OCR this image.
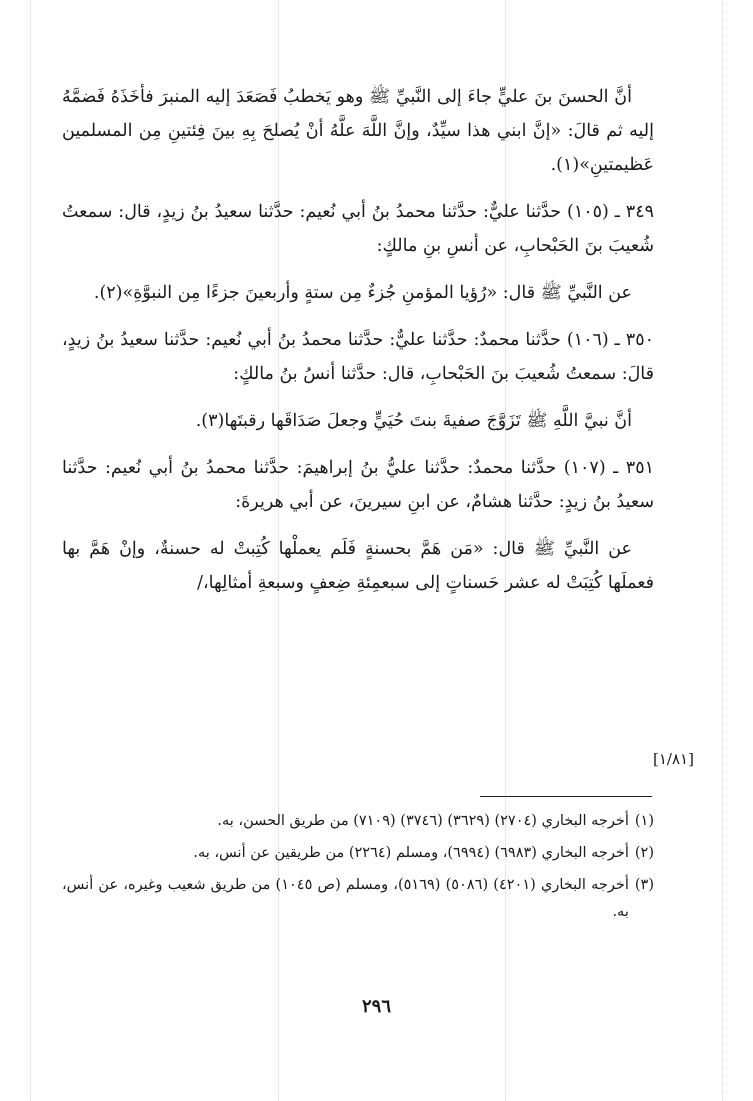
أنَّ الحسنَ بنَ عليٍّ جاءَ إلى النَّبيِّ ﷺ وهو يَخطبُ فَصَعَدَ إليه المنبرَ فأخَذَهُ فَضمَّهُ إليه ثم قالَ: «إنَّ ابني هذا سيِّدٌ، وإنَّ اللَّهَ علَّهُ أنْ يُصلحَ بِهِ بينَ فِئتينِ مِن المسلمين عَظيمتينِ»(١).

٣٤٩ ـ (١٠٥) حدَّثنا عليٌّ: حدَّثنا محمدُ بنُ أبي نُعيم: حدَّثنا سعيدُ بنُ زيدٍ، قال: سمعتُ شُعيبَ بنَ الحَبْحابِ، عن أنسِ بنِ مالكٍ:

عن النَّبيِّ ﷺ قال: «رُؤيا المؤمنِ جُزءٌ مِن ستةٍ وأربعينَ جزءًا مِن النبوَّةِ»(٢).

٣٥٠ ـ (١٠٦) حدَّثنا محمدٌ: حدَّثنا عليٌّ: حدَّثنا محمدُ بنُ أبي نُعيم: حدَّثنا سعيدُ بنُ زيدٍ، قالَ: سمعتُ شُعيبَ بنَ الحَبْحابِ، قال: حدَّثنا أنسُ بنُ مالكٍ:

أنَّ نبيَّ اللَّهِ ﷺ تَزَوَّجَ صفيةَ بنتَ حُيَيٍّ وجعلَ صَدَاقَها رقبتَها(٣).

٣٥١ ـ (١٠٧) حدَّثنا محمدٌ: حدَّثنا عليُّ بنُ إبراهيمَ: حدَّثنا محمدُ بنُ أبي نُعيم: حدَّثنا سعيدُ بنُ زيدٍ: حدَّثنا هشامٌ، عن ابنِ سيرينَ، عن أبي هريرةَ:

عن النَّبيِّ ﷺ قال: «مَن هَمَّ بحسنةٍ فَلَم يعملْها كُتِبتْ له حسنةٌ، وإنْ هَمَّ بها فعملَها كُتِبَتْ له عشر حَسناتٍ إلى سبعمِئةِ ضِعفٍ وسبعةِ أمثالِها،/

[١/٨١]
(١)
أخرجه البخاري (٢٧٠٤) (٣٦٢٩) (٣٧٤٦) (٧١٠٩) من طريق الحسن، به.
(٢)
أخرجه البخاري (٦٩٨٣) (٦٩٩٤)، ومسلم (٢٢٦٤) من طريقين عن أنس، به.
(٣)
أخرجه البخاري (٤٢٠١) (٥٠٨٦) (٥١٦٩)، ومسلم (ص ١٠٤٥) من طريق شعيب وغيره، عن أنس، به.
٢٩٦
